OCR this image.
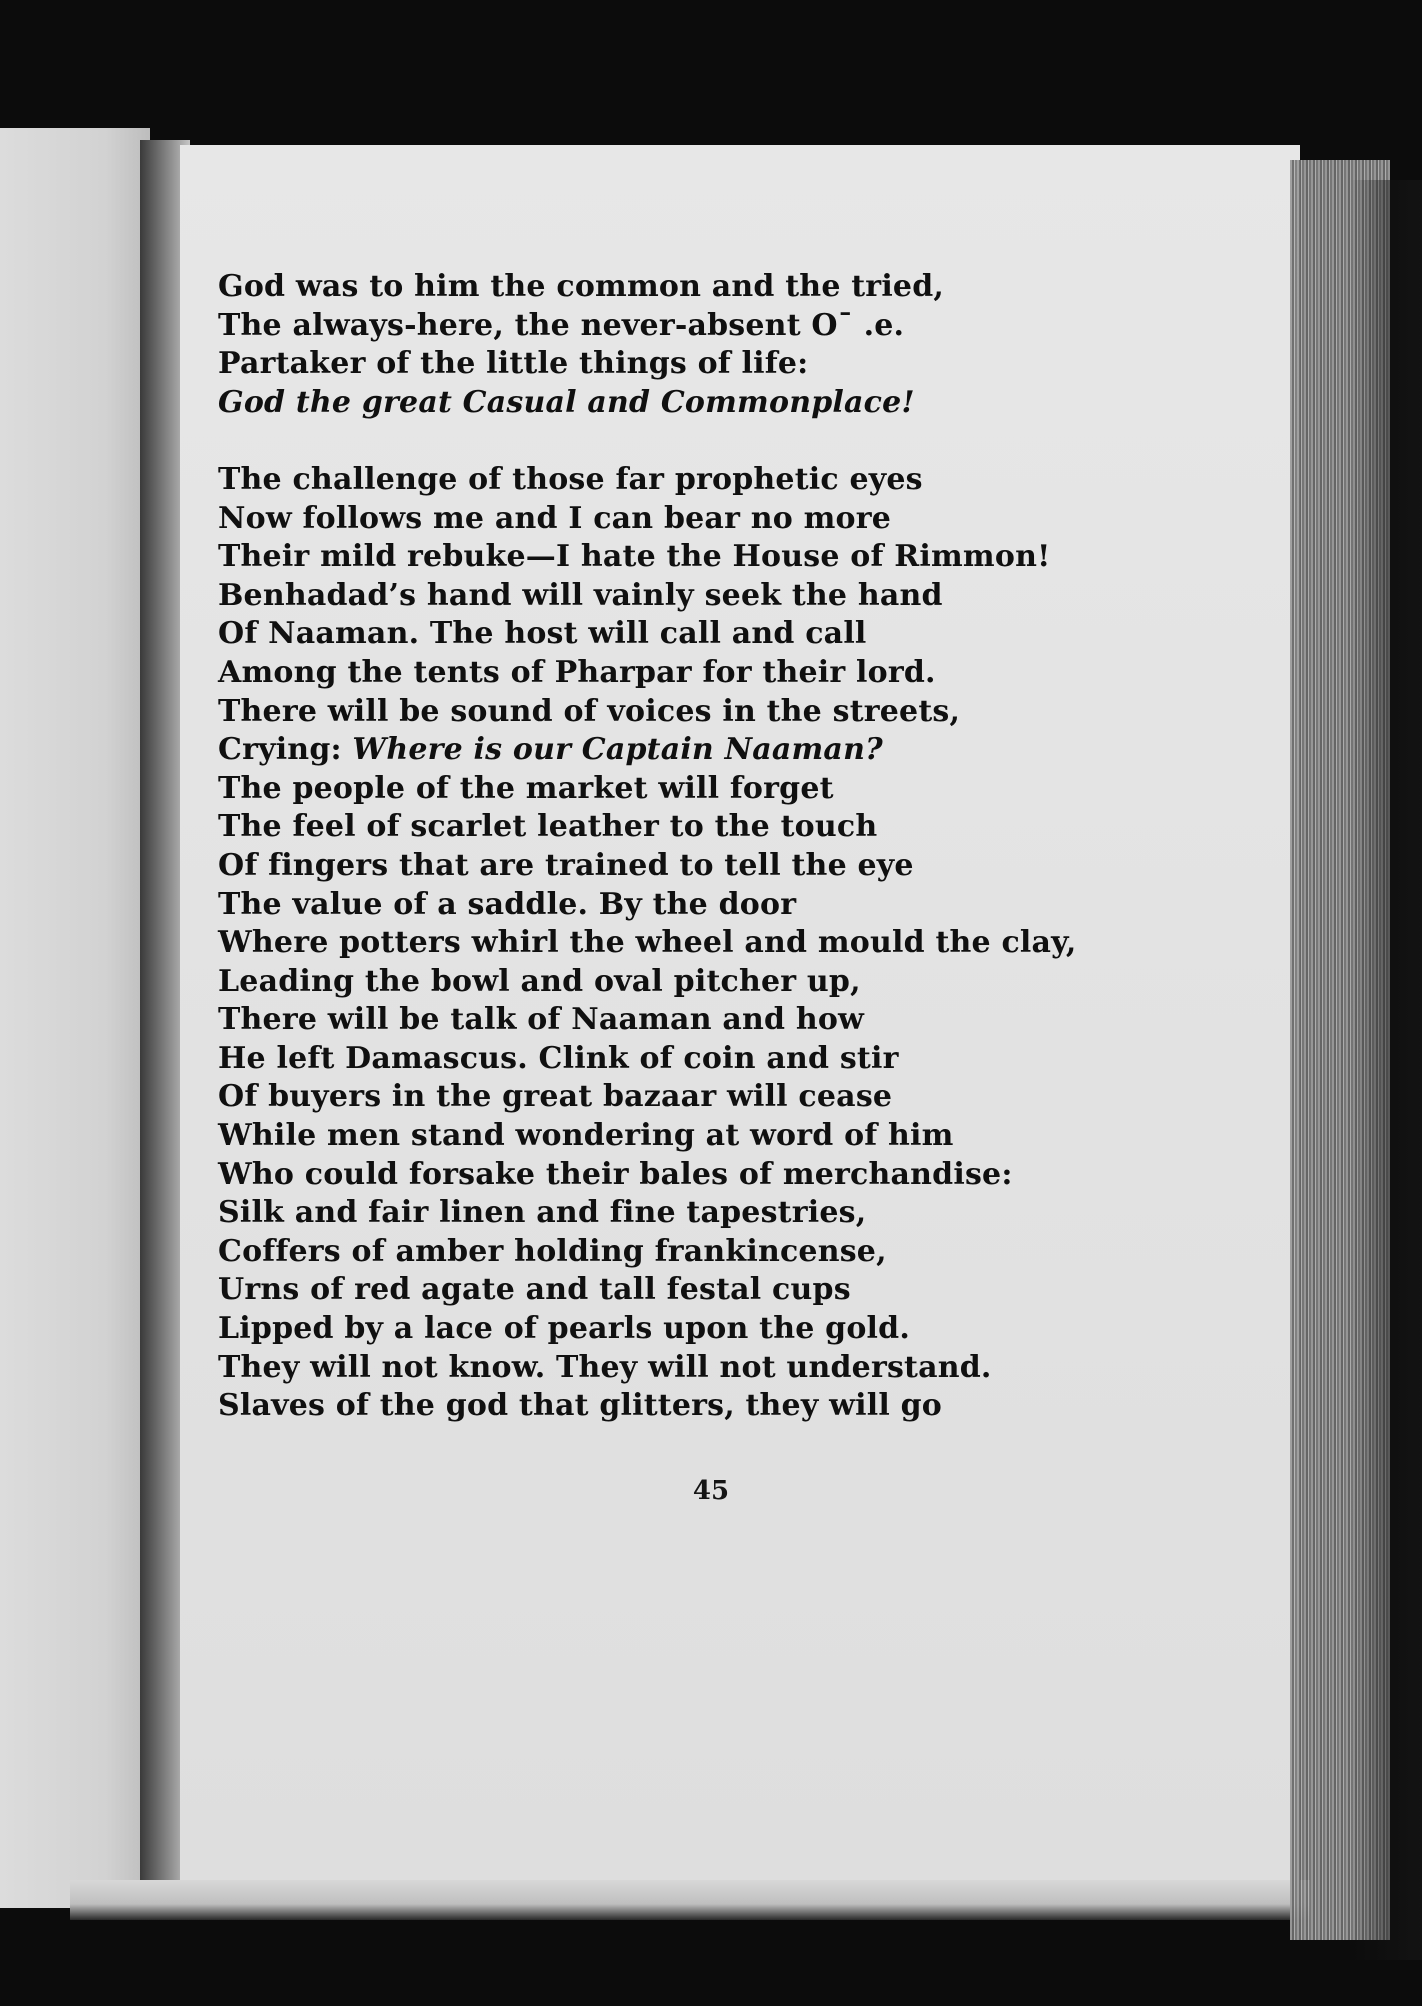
God was to him the common and the tried,
The always-here, the never-absent Oˉ .e.
Partaker of the little things of life:
God the great Casual and Commonplace!
The challenge of those far prophetic eyes
Now follows me and I can bear no more
Their mild rebuke—I hate the House of Rimmon!
Benhadad’s hand will vainly seek the hand
Of Naaman. The host will call and call
Among the tents of Pharpar for their lord.
There will be sound of voices in the streets,
Crying: Where is our Captain Naaman?
The people of the market will forget
The feel of scarlet leather to the touch
Of fingers that are trained to tell the eye
The value of a saddle. By the door
Where potters whirl the wheel and mould the clay,
Leading the bowl and oval pitcher up,
There will be talk of Naaman and how
He left Damascus. Clink of coin and stir
Of buyers in the great bazaar will cease
While men stand wondering at word of him
Who could forsake their bales of merchandise:
Silk and fair linen and fine tapestries,
Coffers of amber holding frankincense,
Urns of red agate and tall festal cups
Lipped by a lace of pearls upon the gold.
They will not know. They will not understand.
Slaves of the god that glitters, they will go
45
